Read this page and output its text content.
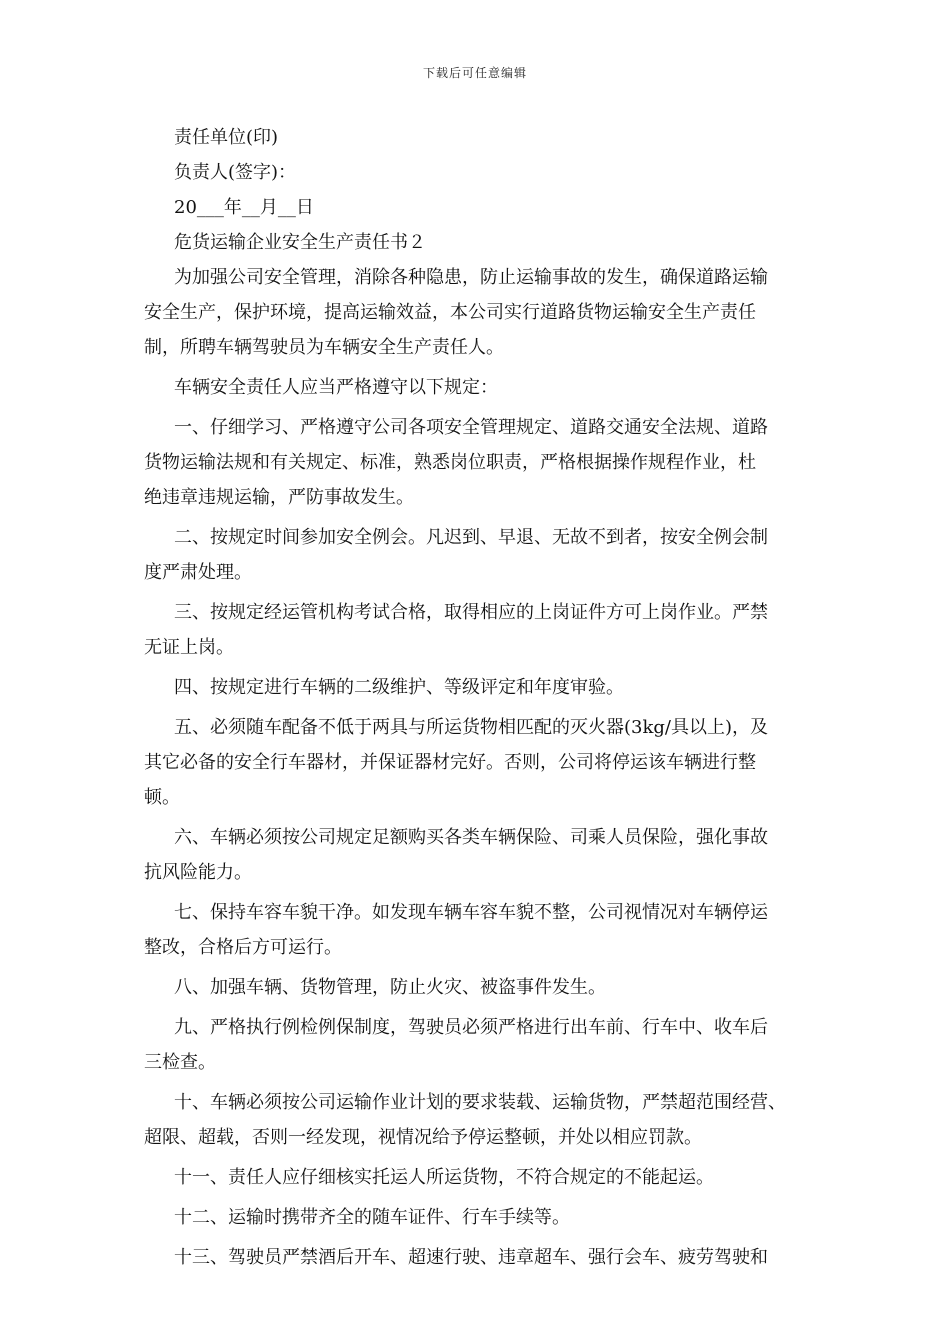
下载后可任意编辑

责任单位(印)

负责人(签字)：

20___年__月__日

危货运输企业安全生产责任书２

为加强公司安全管理，消除各种隐患，防止运输事故的发生，确保道路运输
安全生产，保护环境，提高运输效益，本公司实行道路货物运输安全生产责任
制，所聘车辆驾驶员为车辆安全生产责任人。
车辆安全责任人应当严格遵守以下规定：
一、仔细学习、严格遵守公司各项安全管理规定、道路交通安全法规、道路
货物运输法规和有关规定、标准，熟悉岗位职责，严格根据操作规程作业，杜
绝违章违规运输，严防事故发生。
二、按规定时间参加安全例会。凡迟到、早退、无故不到者，按安全例会制
度严肃处理。
三、按规定经运管机构考试合格，取得相应的上岗证件方可上岗作业。严禁
无证上岗。
四、按规定进行车辆的二级维护、等级评定和年度审验。
五、必须随车配备不低于两具与所运货物相匹配的灭火器(3kg/具以上)，及
其它必备的安全行车器材，并保证器材完好。否则，公司将停运该车辆进行整
顿。
六、车辆必须按公司规定足额购买各类车辆保险、司乘人员保险，强化事故
抗风险能力。
七、保持车容车貌干净。如发现车辆车容车貌不整，公司视情况对车辆停运
整改，合格后方可运行。
八、加强车辆、货物管理，防止火灾、被盗事件发生。
九、严格执行例检例保制度，驾驶员必须严格进行出车前、行车中、收车后
三检查。
十、车辆必须按公司运输作业计划的要求装载、运输货物，严禁超范围经营、
超限、超载，否则一经发现，视情况给予停运整顿，并处以相应罚款。
十一、责任人应仔细核实托运人所运货物，不符合规定的不能起运。
十二、运输时携带齐全的随车证件、行车手续等。
十三、驾驶员严禁酒后开车、超速行驶、违章超车、强行会车、疲劳驾驶和
